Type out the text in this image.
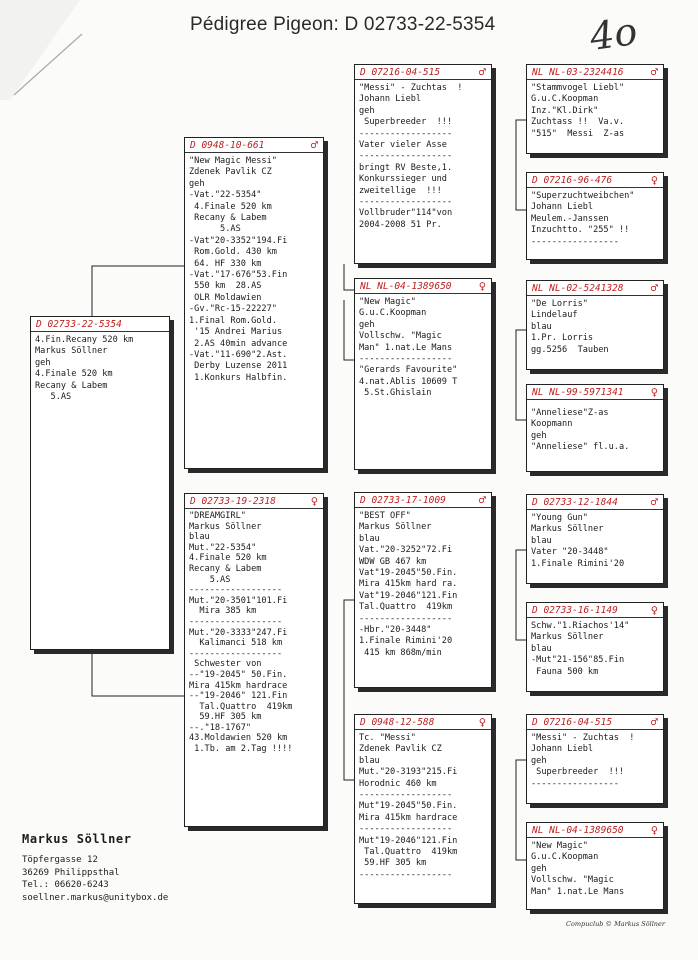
Pédigree Pigeon: D 02733-22-5354 4o
D 02733-22-5354
4.Fin.Recany 520 km
Markus Söllner
geh
4.Finale 520 km
Recany & Labem
5.AS
D 0948-10-661	♂
"New Magic Messi"
Zdenek Pavlik CZ
geh
-Vat."22-5354"
4.Finale 520 km
Recany & Labem
5.AS
-Vat"20-3352"194.Fi
Rom.Gold. 430 km
64. HF 330 km
-Vat."17-676"53.Fin
550 km  28.AS
OLR Moldawien
-Gv."Rc-15-22227"
1.Final Rom.Gold.
'15 Andrei Marius
2.AS 40min advance
-Vat."11-690"2.Ast.
Derby Luzense 2011
1.Konkurs Halbfin.
D 02733-19-2318	♀
"DREAMGIRL"
Markus Söllner
blau
Mut."22-5354"
4.Finale 520 km
Recany & Labem
5.AS
------------------
Mut."20-3501"101.Fi
Mira 385 km
------------------
Mut."20-3333"247.Fi
Kalimanci 518 km
------------------
Schwester von
--"19-2045" 50.Fin.
Mira 415km hardrace
--"19-2046" 121.Fin
Tal.Quattro  419km
59.HF 305 km
--."18-1767"
43.Moldawien 520 km
1.Tb. am 2.Tag !!!!
D 07216-04-515	♂
"Messi" - Zuchtas  !
Johann Liebl
geh
Superbreeder  !!!
------------------
Vater vieler Asse
------------------
bringt RV Beste,1.
Konkurssieger und
zweitellige  !!!
------------------
Vollbruder"114"von
2004-2008 51 Pr.
NL NL-04-1389650 ♀
"New Magic"
G.u.C.Koopman
geh
Vollschw. "Magic
Man" 1.nat.Le Mans
------------------
"Gerards Favourite"
4.nat.Ablis 10609 T
5.St.Ghislain
D 02733-17-1009	♂
"BEST OFF"
Markus Söllner
blau
Vat."20-3252"72.Fi
WDW GB 467 km
Vat"19-2045"50.Fin.
Mira 415km hard ra.
Vat"19-2046"121.Fin
Tal.Quattro  419km
------------------
-Hbr."20-3448"
1.Finale Rimini'20
415 km 868m/min
D 0948-12-588	♀
Tc. "Messi"
Zdenek Pavlik CZ
blau
Mut."20-3193"215.Fi
Horodnic 460 km
------------------
Mut"19-2045"50.Fin.
Mira 415km hardrace
------------------
Mut"19-2046"121.Fin
Tal.Quattro  419km
59.HF 305 km
------------------
NL NL-03-2324416 ♂
"Stammvogel Liebl"
G.u.C.Koopman
Inz."Kl.Dirk"
Zuchtass !!  Va.v.
"515"  Messi  Z-as
D 07216-96-476	♀
"Superzuchtweibchen"
Johann Liebl
Meulem.-Janssen
Inzuchtto. "255" !!
-----------------
NL NL-02-5241328 ♂
"De Lorris"
Lindelauf
blau
1.Pr. Lorris
gg.5256  Tauben
NL NL-99-5971341 ♀
"Anneliese"Z-as
Koopmann
geh
"Anneliese" fl.u.a.
D 02733-12-1844	♂
"Young Gun"
Markus Söllner
blau
Vater "20-3448"
1.Finale Rimini'20
D 02733-16-1149	♀
Schw."1.Riachos'14"
Markus Söllner
blau
-Mut"21-156"85.Fin
Fauna 500 km
D 07216-04-515	♂
"Messi" - Zuchtas  !
Johann Liebl
geh
Superbreeder  !!!
-----------------
NL NL-04-1389650 ♀
"New Magic"
G.u.C.Koopman
geh
Vollschw. "Magic
Man" 1.nat.Le Mans
Markus Söllner
Töpfergasse 12
36269 Philippsthal
Tel.: 06620-6243
soellner.markus@unitybox.de
Compuclub © Markus Söllner
